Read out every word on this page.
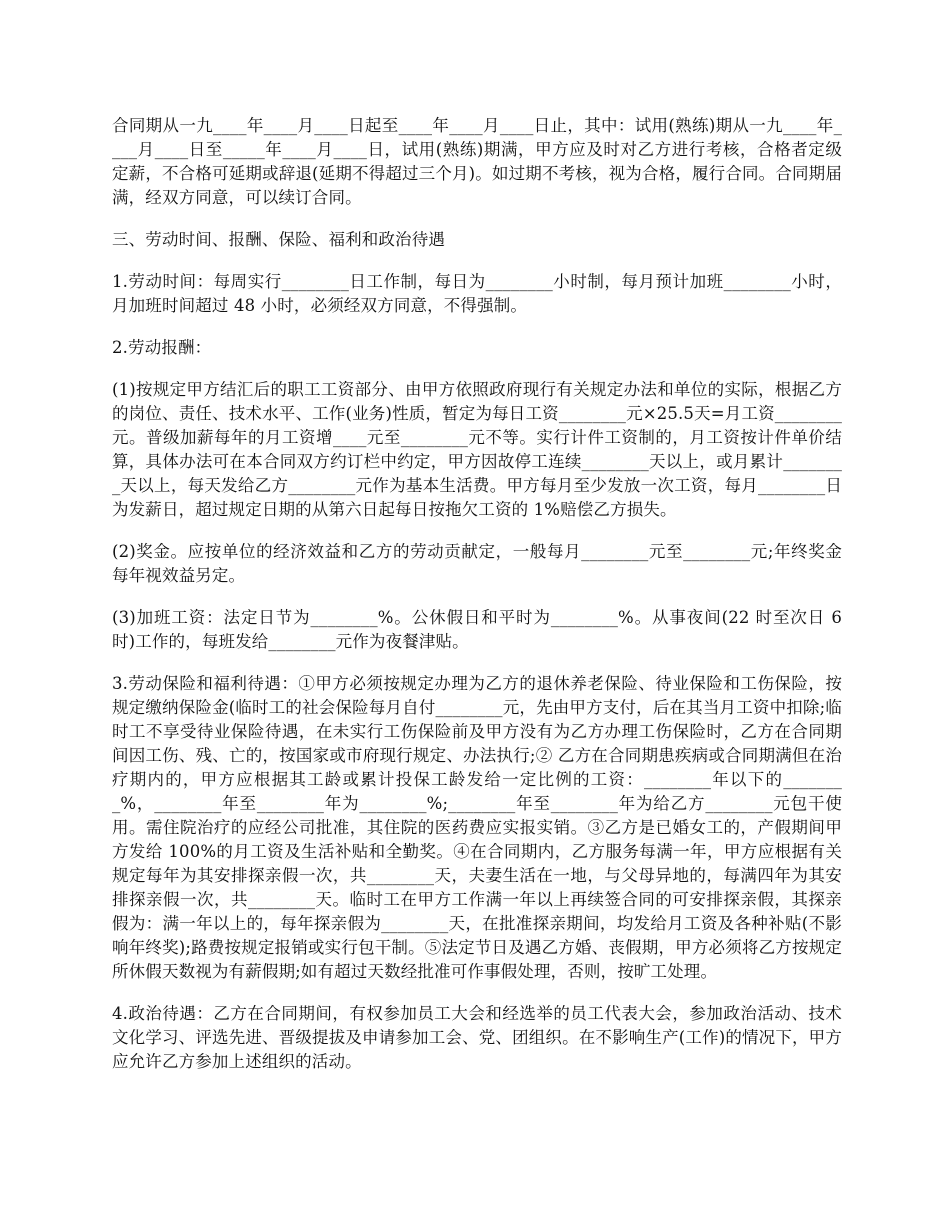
合同期从一九____年____月____日起至____年____月____日止，其中：试用(熟练)期从一九____年____月____日至_____年____月____日，试用(熟练)期满，甲方应及时对乙方进行考核，合格者定级定薪，不合格可延期或辞退(延期不得超过三个月)。如过期不考核，视为合格，履行合同。合同期届满，经双方同意，可以续订合同。

三、劳动时间、报酬、保险、福利和政治待遇

1.劳动时间：每周实行________日工作制，每日为________小时制，每月预计加班________小时，月加班时间超过 48 小时，必须经双方同意，不得强制。

2.劳动报酬：

(1)按规定甲方结汇后的职工工资部分、由甲方依照政府现行有关规定办法和单位的实际，根据乙方的岗位、责任、技术水平、工作(业务)性质，暂定为每日工资________元×25.5天=月工资________元。普级加薪每年的月工资增____元至________元不等。实行计件工资制的，月工资按计件单价结算，具体办法可在本合同双方约订栏中约定，甲方因故停工连续________天以上，或月累计________天以上，每天发给乙方________元作为基本生活费。甲方每月至少发放一次工资，每月________日为发薪日，超过规定日期的从第六日起每日按拖欠工资的 1%赔偿乙方损失。

(2)奖金。应按单位的经济效益和乙方的劳动贡献定，一般每月________元至________元;年终奖金每年视效益另定。

(3)加班工资：法定日节为________%。公休假日和平时为________%。从事夜间(22 时至次日 6 时)工作的，每班发给________元作为夜餐津贴。

3.劳动保险和福利待遇：①甲方必须按规定办理为乙方的退休养老保险、待业保险和工伤保险，按规定缴纳保险金(临时工的社会保险每月自付________元，先由甲方支付，后在其当月工资中扣除;临时工不享受待业保险待遇，在未实行工伤保险前及甲方没有为乙方办理工伤保险时，乙方在合同期间因工伤、残、亡的，按国家或市府现行规定、办法执行;② 乙方在合同期患疾病或合同期满但在治疗期内的，甲方应根据其工龄或累计投保工龄发给一定比例的工资：________年以下的________%，________年至________年为________%;________年至________年为给乙方________元包干使用。需住院治疗的应经公司批准，其住院的医药费应实报实销。③乙方是已婚女工的，产假期间甲方发给 100%的月工资及生活补贴和全勤奖。④在合同期内，乙方服务每满一年，甲方应根据有关规定每年为其安排探亲假一次，共________天，夫妻生活在一地，与父母异地的，每满四年为其安排探亲假一次，共________天。临时工在甲方工作满一年以上再续签合同的可安排探亲假，其探亲假为：满一年以上的，每年探亲假为________天，在批准探亲期间，均发给月工资及各种补贴(不影响年终奖);路费按规定报销或实行包干制。⑤法定节日及遇乙方婚、丧假期，甲方必须将乙方按规定所休假天数视为有薪假期;如有超过天数经批准可作事假处理，否则，按旷工处理。

4.政治待遇：乙方在合同期间，有权参加员工大会和经选举的员工代表大会，参加政治活动、技术文化学习、评选先进、晋级提拔及申请参加工会、党、团组织。在不影响生产(工作)的情况下，甲方应允许乙方参加上述组织的活动。
